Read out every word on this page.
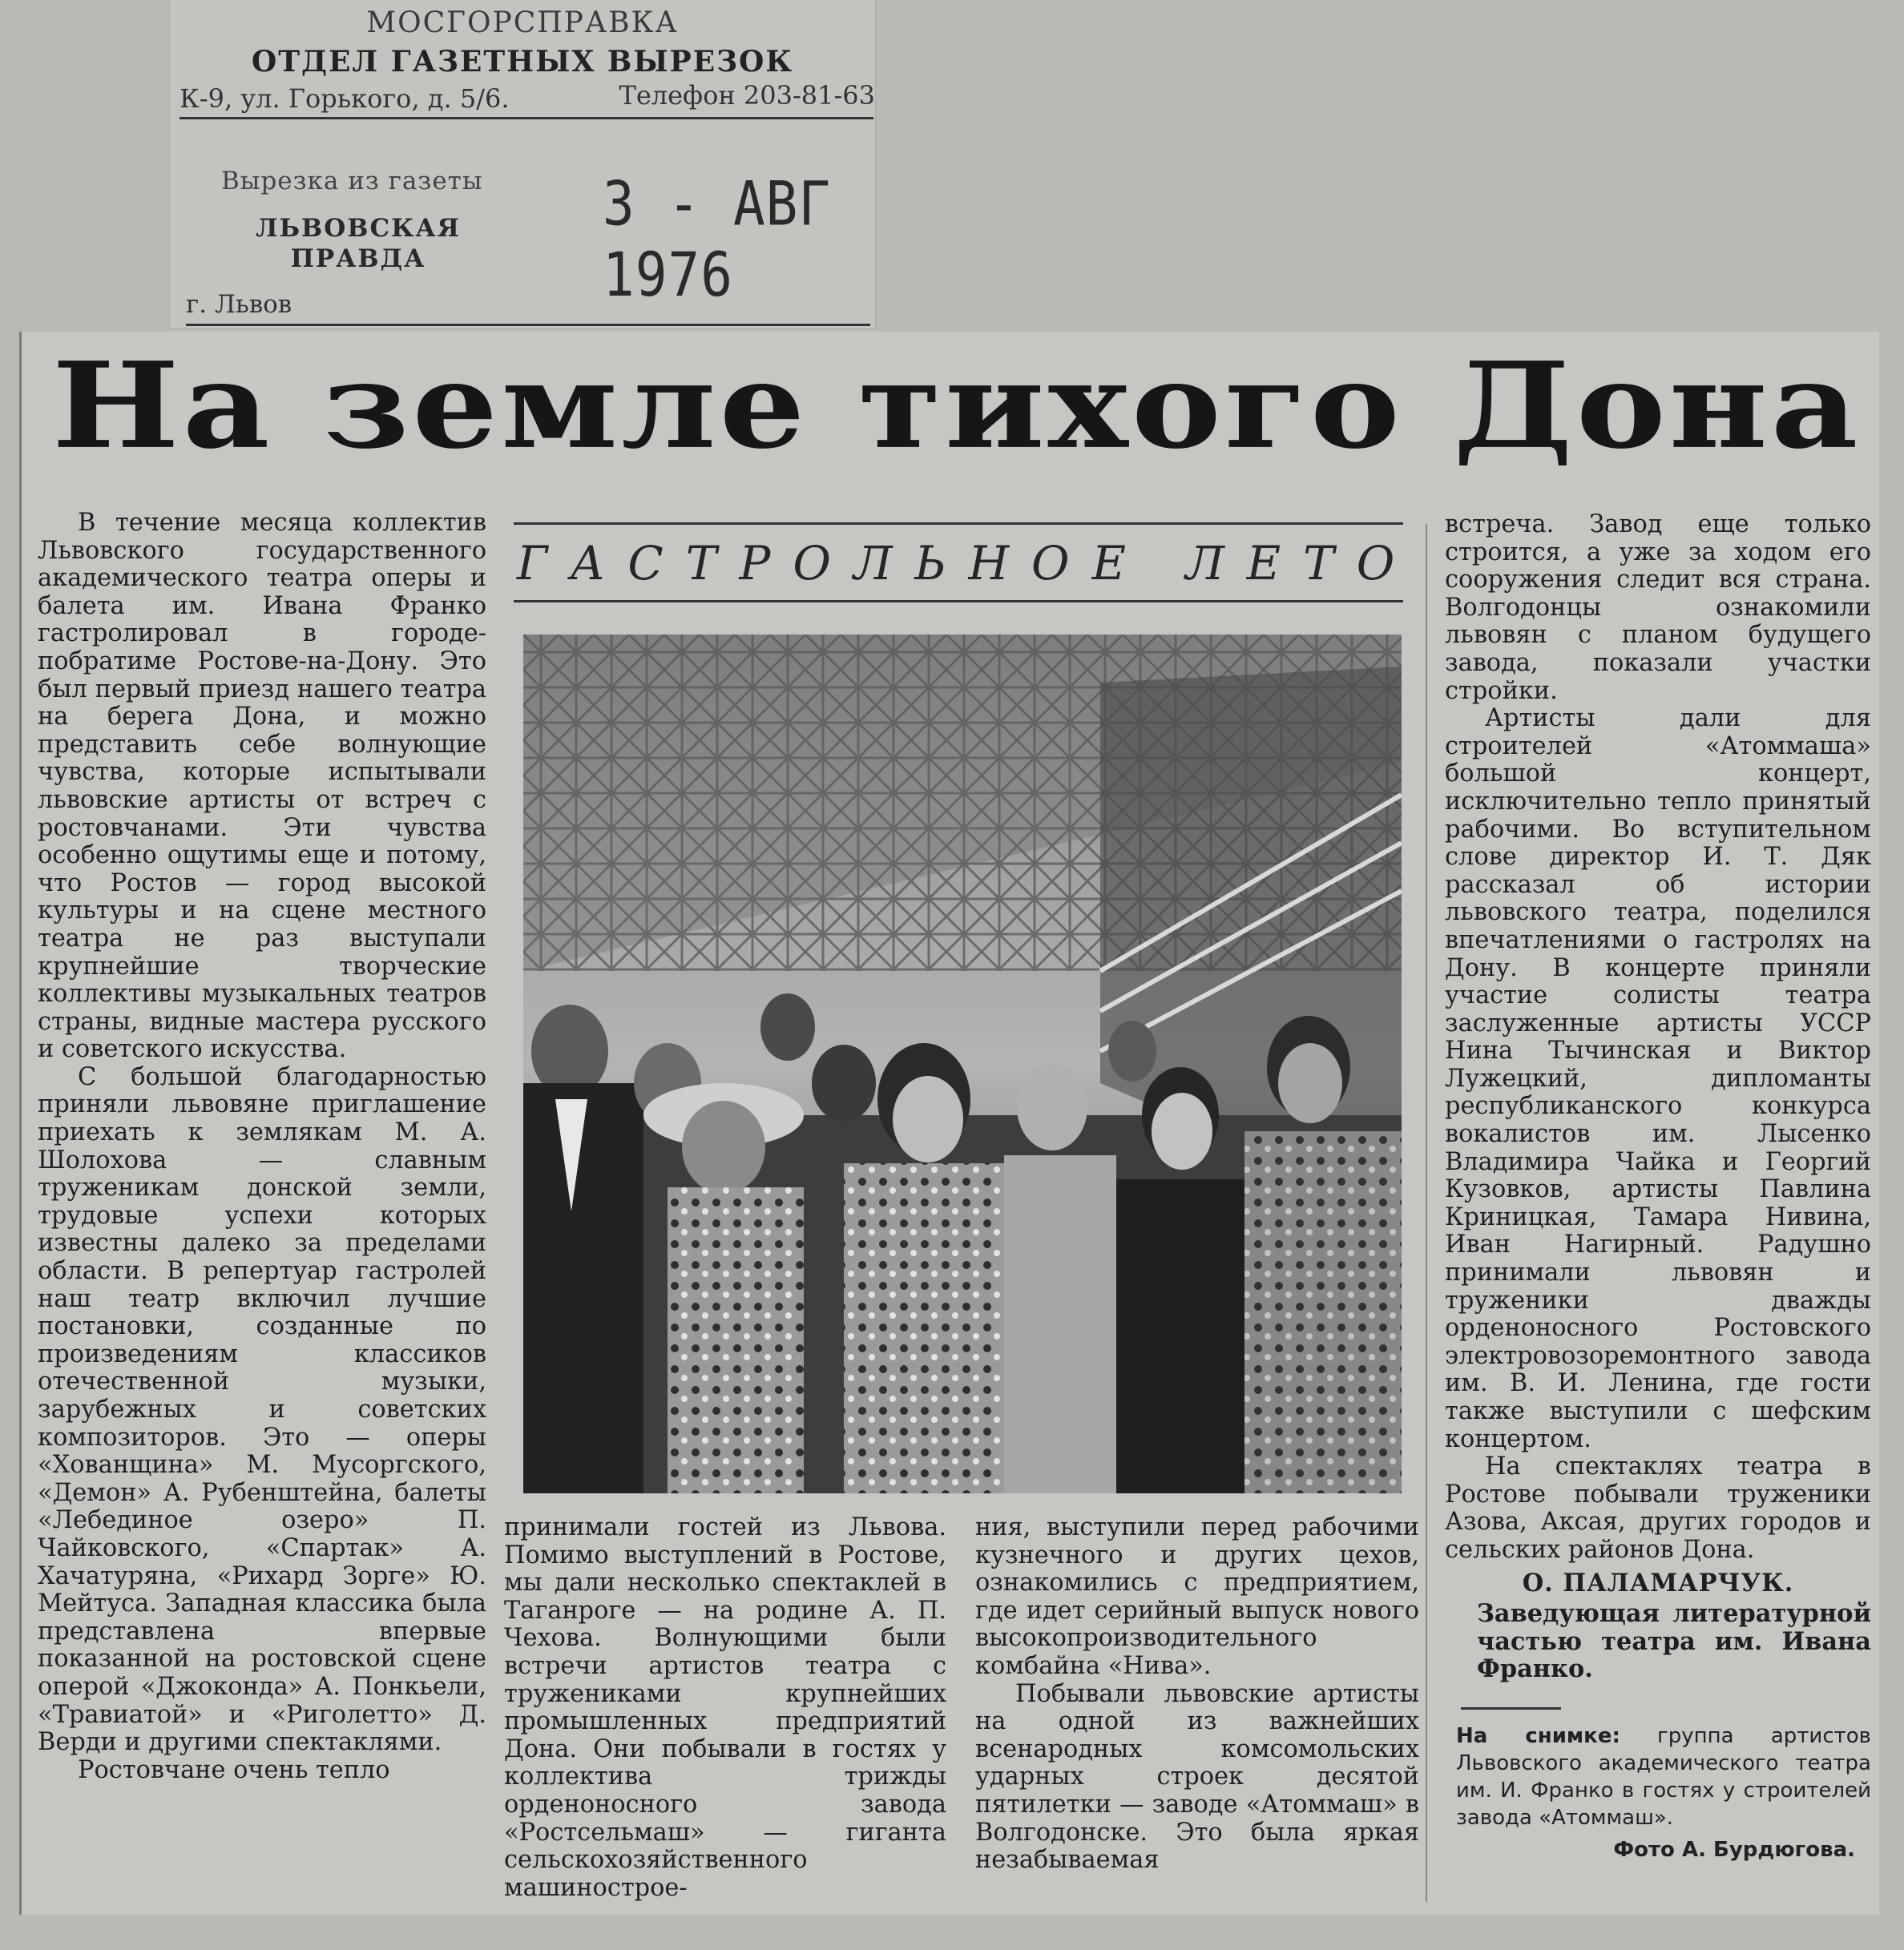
МОСГОРСПРАВКА
ОТДЕЛ ГАЗЕТНЫХ ВЫРЕЗОК
К-9, ул. Горького, д. 5/6.	Телефон 203-81-63
Вырезка из газеты
ЛЬВОВСКАЯ ПРАВДА
г. Львов
3 - АВГ 1976
На земле тихого Дона

В течение месяца коллектив Львовского государственного академического театра оперы и балета им. Ивана Франко гастролировал в городе-побратиме Ростове-на-Дону. Это был первый приезд нашего театра на берега Дона, и можно представить себе волнующие чувства, которые испытывали львовские артисты от встреч с ростовчанами. Эти чувства особенно ощутимы еще и потому, что Ростов — город высокой культуры и на сцене местного театра не раз выступали крупнейшие творческие коллективы музыкальных театров страны, видные мастера русского и советского искусства.

С большой благодарностью приняли львовяне приглашение приехать к землякам М. А. Шолохова — славным труженикам донской земли, трудовые успехи которых известны далеко за пределами области. В репертуар гастролей наш театр включил лучшие постановки, созданные по произведениям классиков отечественной музыки, зарубежных и советских композиторов. Это — оперы «Хованщина» М. Мусоргского, «Демон» А. Рубенштейна, балеты «Лебединое озеро» П. Чайковского, «Спартак» А. Хачатуряна, «Рихард Зорге» Ю. Мейтуса. Западная классика была представлена впервые показанной на ростовской сцене оперой «Джоконда» А. Понкьели, «Травиатой» и «Риголетто» Д. Верди и другими спектаклями.

Ростовчане очень тепло

ГАСТРОЛЬНОЕ ЛЕТО

принимали гостей из Львова. Помимо выступлений в Ростове, мы дали несколько спектаклей в Таганроге — на родине А. П. Чехова. Волнующими были встречи артистов театра с тружениками крупнейших промышленных предприятий Дона. Они побывали в гостях у коллектива трижды орденоносного завода «Ростсельмаш» — гиганта сельскохозяйственного машинострое-

ния, выступили перед рабочими кузнечного и других цехов, ознакомились с предприятием, где идет серийный выпуск нового высокопроизводительного комбайна «Нива».

Побывали львовские артисты на одной из важнейших всенародных комсомольских ударных строек десятой пятилетки — заводе «Атоммаш» в Волгодонске. Это была яркая незабываемая

встреча. Завод еще только строится, а уже за ходом его сооружения следит вся страна. Волгодонцы ознакомили львовян с планом будущего завода, показали участки стройки.

Артисты дали для строителей «Атоммаша» большой концерт, исключительно тепло принятый рабочими. Во вступительном слове директор И. Т. Дяк рассказал об истории львовского театра, поделился впечатлениями о гастролях на Дону. В концерте приняли участие солисты театра заслуженные артисты УССР Нина Тычинская и Виктор Лужецкий, дипломанты республиканского конкурса вокалистов им. Лысенко Владимира Чайка и Георгий Кузовков, артисты Павлина Криницкая, Тамара Нивина, Иван Нагирный. Радушно принимали львовян и труженики дважды орденоносного Ростовского электровозоремонтного завода им. В. И. Ленина, где гости также выступили с шефским концертом.

На спектаклях театра в Ростове побывали труженики Азова, Аксая, других городов и сельских районов Дона.

О. ПАЛАМАРЧУК.
Заведующая литературной частью театра им. Ивана Франко.
На снимке: группа артистов Львовского академического театра им. И. Франко в гостях у строителей завода «Атоммаш».
Фото А. Бурдюгова.
